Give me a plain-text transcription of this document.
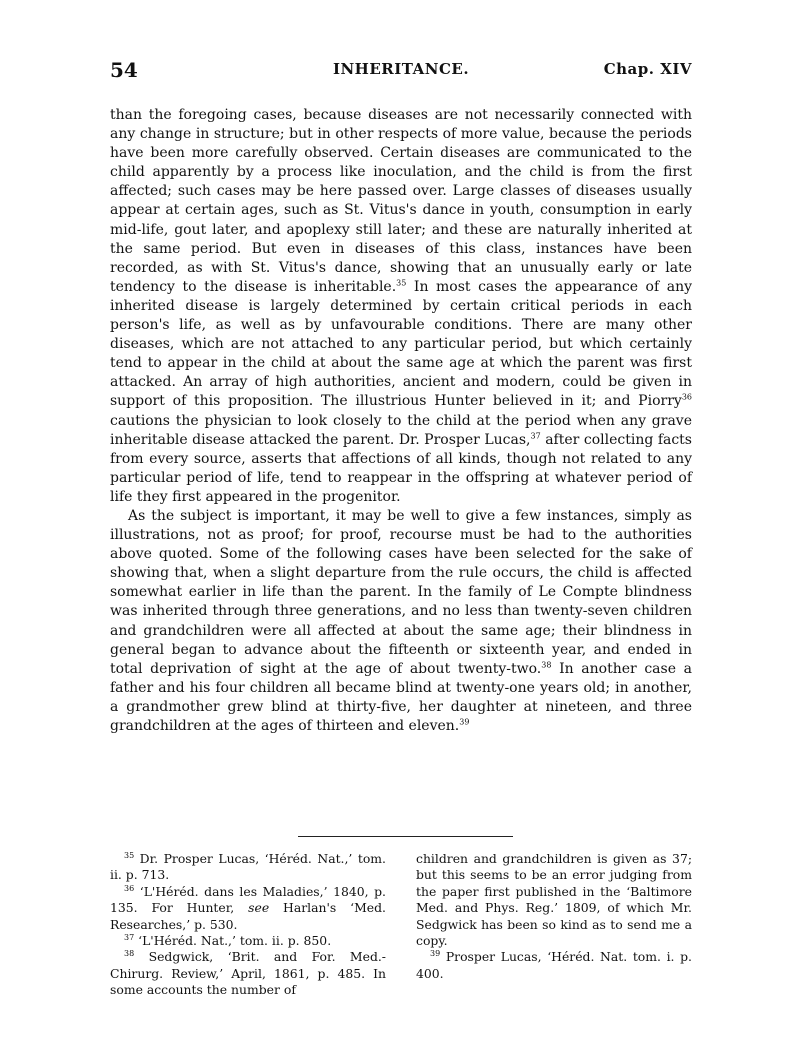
54	INHERITANCE.	Chap. XIV

than the foregoing cases, because diseases are not necessarily connected with any change in structure; but in other respects of more value, because the periods have been more carefully observed. Certain diseases are communicated to the child apparently by a process like inoculation, and the child is from the first affected; such cases may be here passed over. Large classes of diseases usually appear at certain ages, such as St. Vitus's dance in youth, consumption in early mid-life, gout later, and apoplexy still later; and these are naturally inherited at the same period. But even in diseases of this class, instances have been recorded, as with St. Vitus's dance, showing that an unusually early or late tendency to the disease is inheritable.$^{35}$ In most cases the appearance of any inherited disease is largely determined by certain critical periods in each person's life, as well as by unfavourable conditions. There are many other diseases, which are not attached to any particular period, but which certainly tend to appear in the child at about the same age at which the parent was first attacked. An array of high authorities, ancient and modern, could be given in support of this proposition. The illustrious Hunter believed in it; and Piorry$^{36}$ cautions the physician to look closely to the child at the period when any grave inheritable disease attacked the parent. Dr. Prosper Lucas,$^{37}$ after collecting facts from every source, asserts that affections of all kinds, though not related to any particular period of life, tend to reappear in the offspring at whatever period of life they first appeared in the progenitor.

As the subject is important, it may be well to give a few instances, simply as illustrations, not as proof; for proof, recourse must be had to the authorities above quoted. Some of the following cases have been selected for the sake of showing that, when a slight departure from the rule occurs, the child is affected somewhat earlier in life than the parent. In the family of Le Compte blindness was inherited through three generations, and no less than twenty-seven children and grandchildren were all affected at about the same age; their blindness in general began to advance about the fifteenth or sixteenth year, and ended in total deprivation of sight at the age of about twenty-two.$^{38}$ In another case a father and his four children all became blind at twenty-one years old; in another, a grandmother grew blind at thirty-five, her daughter at nineteen, and three grandchildren at the ages of thirteen and eleven.$^{39}$

$^{35}$ Dr. Prosper Lucas, ‘Héréd. Nat.,’ tom. ii. p. 713.

$^{36}$ ‘L'Héréd. dans les Maladies,’ 1840, p. 135. For Hunter, see Harlan's ‘Med. Researches,’ p. 530.

$^{37}$ ‘L'Héréd. Nat.,’ tom. ii. p. 850.

$^{38}$ Sedgwick, ‘Brit. and For. Med.-Chirurg. Review,’ April, 1861, p. 485. In some accounts the number of

children and grandchildren is given as 37; but this seems to be an error judging from the paper first published in the ‘Baltimore Med. and Phys. Reg.’ 1809, of which Mr. Sedgwick has been so kind as to send me a copy.

$^{39}$ Prosper Lucas, ‘Héréd. Nat. tom. i. p. 400.
